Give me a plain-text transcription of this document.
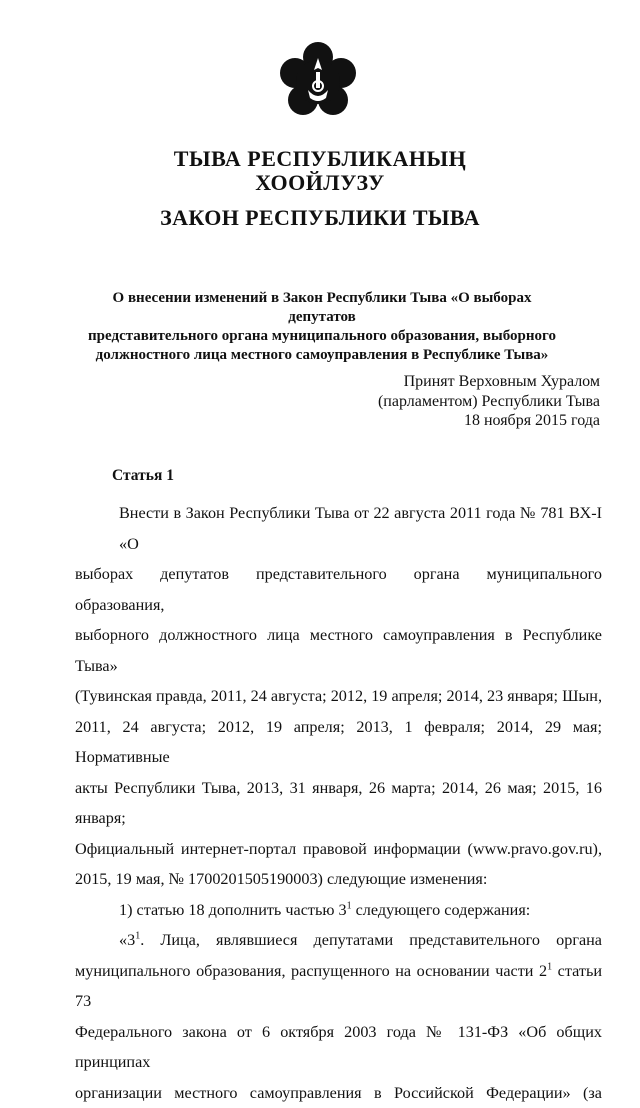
ТЫВА РЕСПУБЛИКАНЫҢ
ХООЙЛУЗУ
ЗАКОН РЕСПУБЛИКИ ТЫВА
О внесении изменений в Закон Республики Тыва «О выборах депутатов
представительного органа муниципального образования, выборного
должностного лица местного самоуправления в Республике Тыва»
Принят Верховным Хуралом
(парламентом) Республики Тыва
18 ноября 2015 года
Статья 1
Внести в Закон Республики Тыва от 22 августа 2011 года № 781 ВХ-I «О
выборах депутатов представительного органа муниципального образования,
выборного должностного лица местного самоуправления в Республике Тыва»
(Тувинская правда, 2011, 24 августа; 2012, 19 апреля; 2014, 23 января; Шын,
2011, 24 августа; 2012, 19 апреля; 2013, 1 февраля; 2014, 29 мая; Нормативные
акты Республики Тыва, 2013, 31 января, 26 марта; 2014, 26 мая; 2015, 16 января;
Официальный интернет-портал правовой информации (www.pravo.gov.ru),
2015, 19 мая, № 1700201505190003) следующие изменения:
1) статью 18 дополнить частью $3^1$ следующего содержания:
«$3^1$. Лица, являвшиеся депутатами представительного органа
муниципального образования, распущенного на основании части $2^1$ статьи 73
Федерального закона от 6 октября 2003 года № 131-ФЗ «Об общих принципах
организации местного самоуправления в Российской Федерации» (за
